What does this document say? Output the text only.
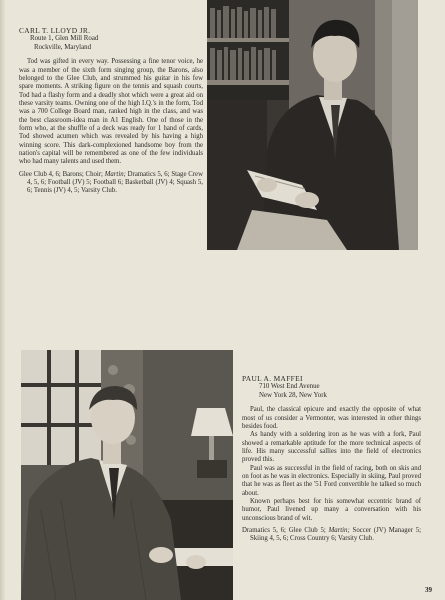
CARL T. LLOYD JR.
Route 1, Glen Mill Road
Rockville, Maryland

Tod was gifted in every way. Possessing a fine tenor voice, he was a member of the sixth form singing group, the Barons, also belonged to the Glee Club, and strummed his guitar in his few spare moments. A striking figure on the tennis and squash courts, Tod had a flashy form and a deadly shot which were a great aid on these varsity teams. Owning one of the high I.Q.'s in the form, Tod was a 700 College Board man, ranked high in the class, and was the best classroom-idea man in A1 English. One of those in the form who, at the shuffle of a deck was ready for 1 hand of cards, Tod showed acumen which was revealed by his having a high winning score. This dark-complexioned handsome boy from the nation's capital will be remembered as one of the few individuals who had many talents and used them.

Glee Club 4, 6; Barons; Choir; Martin; Dramatics 5, 6; Stage Crew 4, 5, 6; Football (JV) 5; Football 6; Basketball (JV) 4; Squash 5, 6; Tennis (JV) 4, 5; Varsity Club.

PAUL A. MAFFEI
710 West End Avenue
New York 28, New York

Paul, the classical epicure and exactly the opposite of what most of us consider a Vermonter, was interested in other things besides food.

As handy with a soldering iron as he was with a fork, Paul showed a remarkable aptitude for the more technical aspects of life. His many successful sallies into the field of electronics proved this.

Paul was as successful in the field of racing, both on skis and on foot as he was in electronics. Especially in skiing, Paul proved that he was as fleet as the '51 Ford convertible he talked so much about.

Known perhaps best for his somewhat eccentric brand of humor, Paul livened up many a conversation with his unconscious brand of wit.

Dramatics 5, 6; Glee Club 5; Martin; Soccer (JV) Manager 5; Skiing 4, 5, 6; Cross Country 6; Varsity Club.

39
